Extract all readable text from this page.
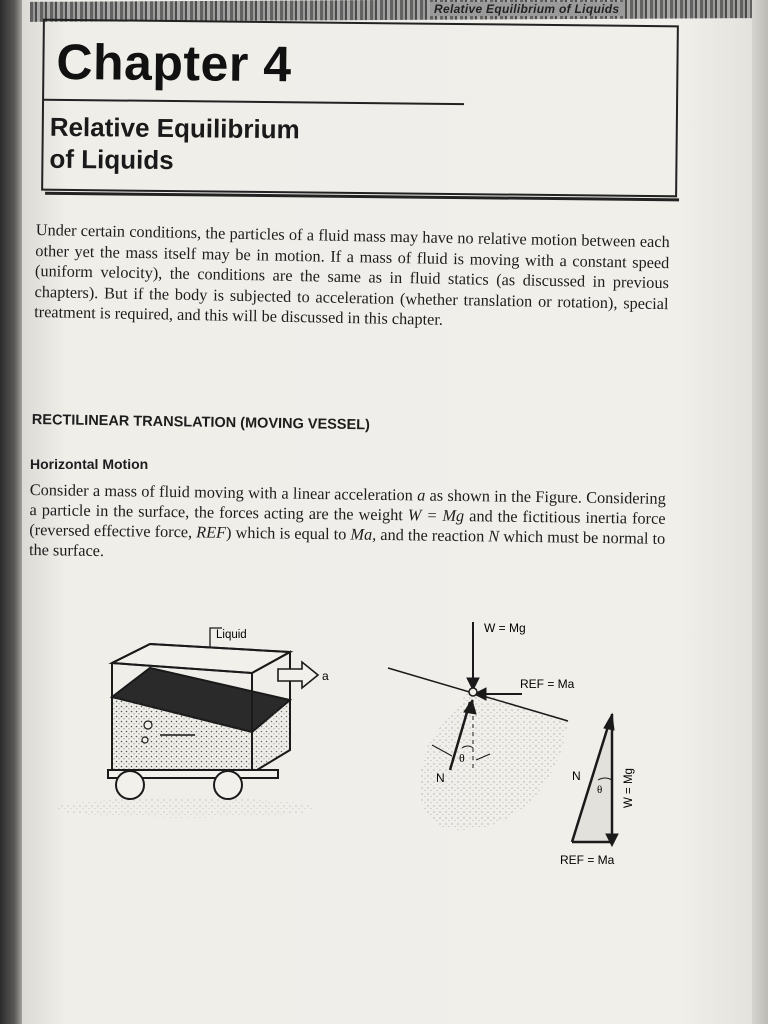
Relative Equilibrium of Liquids
Chapter 4
Relative Equilibrium
of Liquids

Under certain conditions, the particles of a fluid mass may have no relative motion between each other yet the mass itself may be in motion. If a mass of fluid is moving with a constant speed (uniform velocity), the conditions are the same as in fluid statics (as discussed in previous chapters). But if the body is subjected to acceleration (whether translation or rotation), special treatment is required, and this will be discussed in this chapter.

RECTILINEAR TRANSLATION (MOVING VESSEL)
Horizontal Motion

Consider a mass of fluid moving with a linear acceleration a as shown in the Figure. Considering a particle in the surface, the forces acting are the weight W = Mg and the fictitious inertia force (reversed effective force, REF) which is equal to Ma, and the reaction N which must be normal to the surface.

Liquid
a
W = Mg
REF = Ma
N
θ
N
θ W = Mg
REF = Ma
